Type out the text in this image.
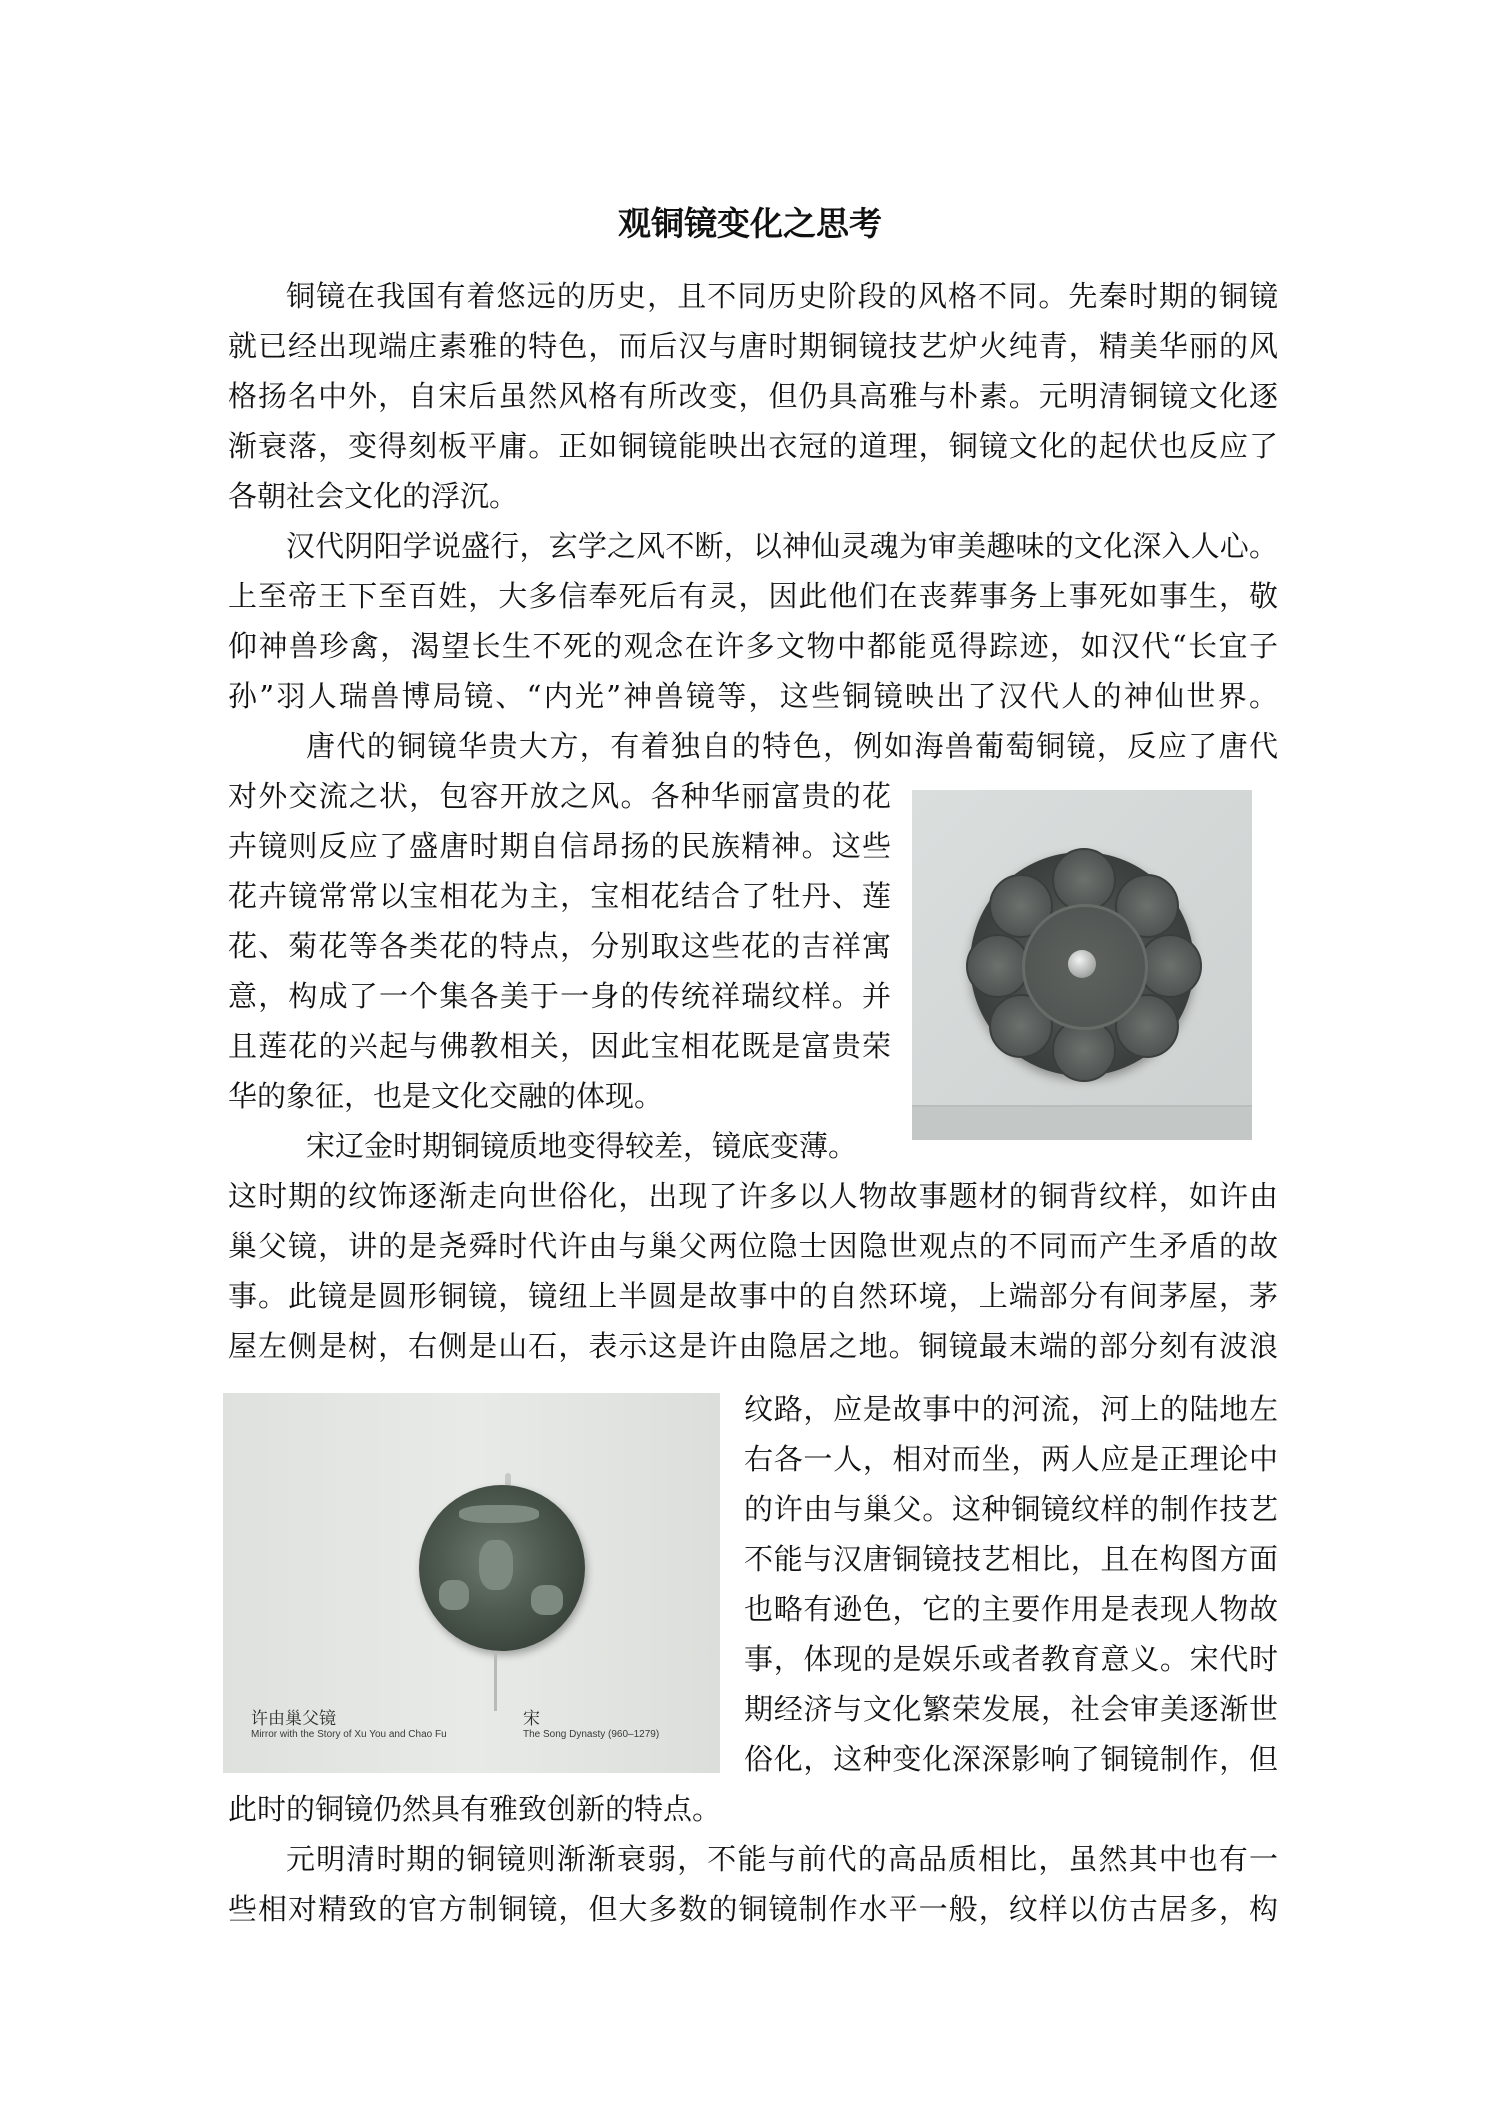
观铜镜变化之思考

铜镜在我国有着悠远的历史，且不同历史阶段的风格不同。先秦时期的铜镜

就已经出现端庄素雅的特色，而后汉与唐时期铜镜技艺炉火纯青，精美华丽的风

格扬名中外，自宋后虽然风格有所改变，但仍具高雅与朴素。元明清铜镜文化逐

渐衰落，变得刻板平庸。正如铜镜能映出衣冠的道理，铜镜文化的起伏也反应了

各朝社会文化的浮沉。

汉代阴阳学说盛行，玄学之风不断，以神仙灵魂为审美趣味的文化深入人心。

上至帝王下至百姓，大多信奉死后有灵，因此他们在丧葬事务上事死如事生，敬

仰神兽珍禽，渴望长生不死的观念在许多文物中都能觅得踪迹，如汉代“长宜子

孙”羽人瑞兽博局镜、“内光”神兽镜等，这些铜镜映出了汉代人的神仙世界。

唐代的铜镜华贵大方，有着独自的特色，例如海兽葡萄铜镜，反应了唐代

对外交流之状，包容开放之风。各种华丽富贵的花

卉镜则反应了盛唐时期自信昂扬的民族精神。这些

花卉镜常常以宝相花为主，宝相花结合了牡丹、莲

花、菊花等各类花的特点，分别取这些花的吉祥寓

意，构成了一个集各美于一身的传统祥瑞纹样。并

且莲花的兴起与佛教相关，因此宝相花既是富贵荣

华的象征，也是文化交融的体现。

宋辽金时期铜镜质地变得较差，镜底变薄。

这时期的纹饰逐渐走向世俗化，出现了许多以人物故事题材的铜背纹样，如许由

巢父镜，讲的是尧舜时代许由与巢父两位隐士因隐世观点的不同而产生矛盾的故

事。此镜是圆形铜镜，镜纽上半圆是故事中的自然环境，上端部分有间茅屋，茅

屋左侧是树，右侧是山石，表示这是许由隐居之地。铜镜最末端的部分刻有波浪

纹路，应是故事中的河流，河上的陆地左

右各一人，相对而坐，两人应是正理论中

的许由与巢父。这种铜镜纹样的制作技艺

不能与汉唐铜镜技艺相比，且在构图方面

也略有逊色，它的主要作用是表现人物故

事，体现的是娱乐或者教育意义。宋代时

期经济与文化繁荣发展，社会审美逐渐世

俗化，这种变化深深影响了铜镜制作，但

此时的铜镜仍然具有雅致创新的特点。

许由巢父镜

Mirror with the Story of Xu You and Chao Fu

宋

The Song Dynasty (960–1279)

元明清时期的铜镜则渐渐衰弱，不能与前代的高品质相比，虽然其中也有一

些相对精致的官方制铜镜，但大多数的铜镜制作水平一般，纹样以仿古居多，构
